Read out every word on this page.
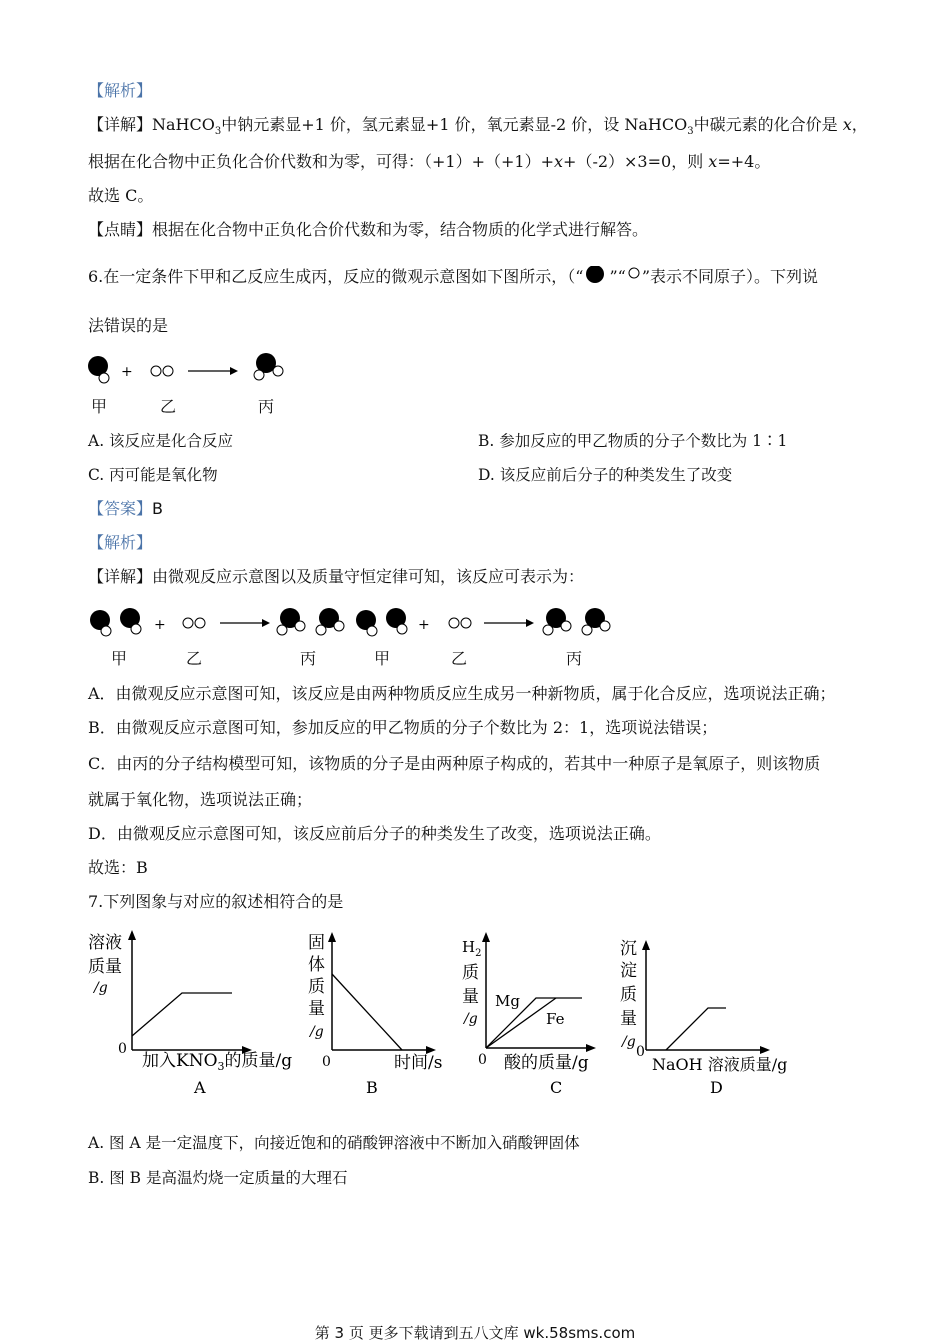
【解析】
【详解】NaHCO$_3$中钠元素显+1 价，氢元素显+1 价，氧元素显-2 价，设 NaHCO$_3$中碳元素的化合价是 x，
根据在化合物中正负化合价代数和为零，可得：（+1）+（+1）+x+（-2）×3=0，则 x=+4。
故选 C。
【点睛】根据在化合物中正负化合价代数和为零，结合物质的化学式进行解答。
6.在一定条件下甲和乙反应生成丙，反应的微观示意图如下图所示，（“ ”“ ”表示不同原子）。下列说
法错误的是
+
甲	乙	丙
A. 该反应是化合反应	B. 参加反应的甲乙物质的分子个数比为 1∶1
C. 丙可能是氧化物	D. 该反应前后分子的种类发生了改变
【答案】B
【解析】
【详解】由微观反应示意图以及质量守恒定律可知，该反应可表示为：
+	+
甲	乙	丙	甲	乙	丙
A．由微观反应示意图可知，该反应是由两种物质反应生成另一种新物质，属于化合反应，选项说法正确；
B．由微观反应示意图可知，参加反应的甲乙物质的分子个数比为 2：1，选项说法错误；
C．由丙的分子结构模型可知，该物质的分子是由两种原子构成的，若其中一种原子是氧原子，则该物质
就属于氧化物，选项说法正确；
D．由微观反应示意图可知，该反应前后分子的种类发生了改变，选项说法正确。
故选：B
7.下列图象与对应的叙述相符合的是
溶液
质量
/g
0
加入$KNO_3$的质量/g
A
固
体
质
量
/g
0	时间/s
B
$H_2$
质
量
/g
Mg
Fe
0 酸的质量/g
C
沉
淀
质
量
/g
0
NaOH 溶液质量/g
D
A. 图 A 是一定温度下，向接近饱和的硝酸钾溶液中不断加入硝酸钾固体
B. 图 B 是高温灼烧一定质量的大理石
第 3 页 更多下载请到五八文库 wk.58sms.com
